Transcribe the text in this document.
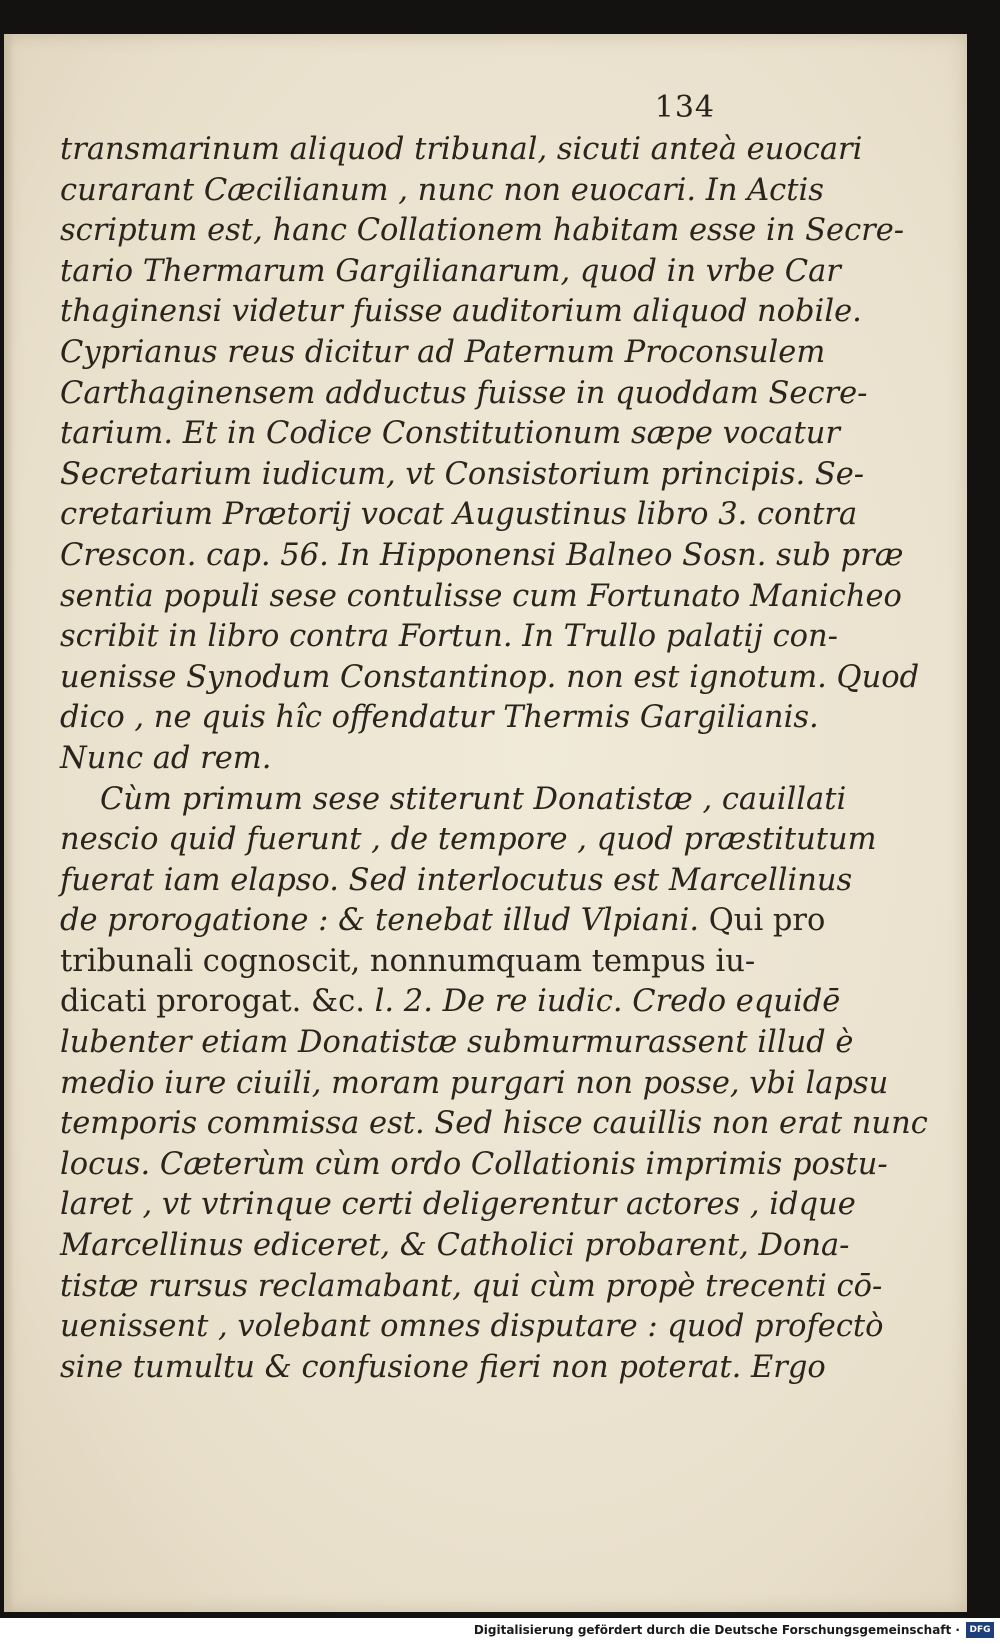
134
transmarinum aliquod tribunal, sicuti anteà euocari
curarant Cæcilianum , nunc non euocari. In Actis
scriptum est, hanc Collationem habitam esse in Secre-
tario Thermarum Gargilianarum, quod in vrbe Car
thaginensi videtur fuisse auditorium aliquod nobile.
Cyprianus reus dicitur ad Paternum Proconsulem
Carthaginensem adductus fuisse in quoddam Secre-
tarium. Et in Codice Constitutionum sæpe vocatur
Secretarium iudicum, vt Consistorium principis. Se-
cretarium Prætorij vocat Augustinus libro 3. contra
Crescon. cap. 56. In Hipponensi Balneo Sosn. sub præ
sentia populi sese contulisse cum Fortunato Manicheo
scribit in libro contra Fortun. In Trullo palatij con-
uenisse Synodum Constantinop. non est ignotum. Quod
dico , ne quis hîc offendatur Thermis Gargilianis.
Nunc ad rem.
Cùm primum sese stiterunt Donatistæ , cauillati
nescio quid fuerunt , de tempore , quod præstitutum
fuerat iam elapso. Sed interlocutus est Marcellinus
de prorogatione : & tenebat illud Vlpiani. Qui pro
tribunali cognoscit, nonnumquam tempus iu-
dicati prorogat. &c. l. 2. De re iudic. Credo equidē
lubenter etiam Donatistæ submurmurassent illud è
medio iure ciuili, moram purgari non posse, vbi lapsu
temporis commissa est. Sed hisce cauillis non erat nunc
locus. Cæterùm cùm ordo Collationis imprimis postu-
laret , vt vtrinque certi deligerentur actores , idque
Marcellinus ediceret, & Catholici probarent, Dona-
tistæ rursus reclamabant, qui cùm propè trecenti cō-
uenissent , volebant omnes disputare : quod profectò
sine tumultu & confusione fieri non poterat. Ergo
Digitalisierung gefördert durch die Deutsche Forschungsgemeinschaft ·	DFG
